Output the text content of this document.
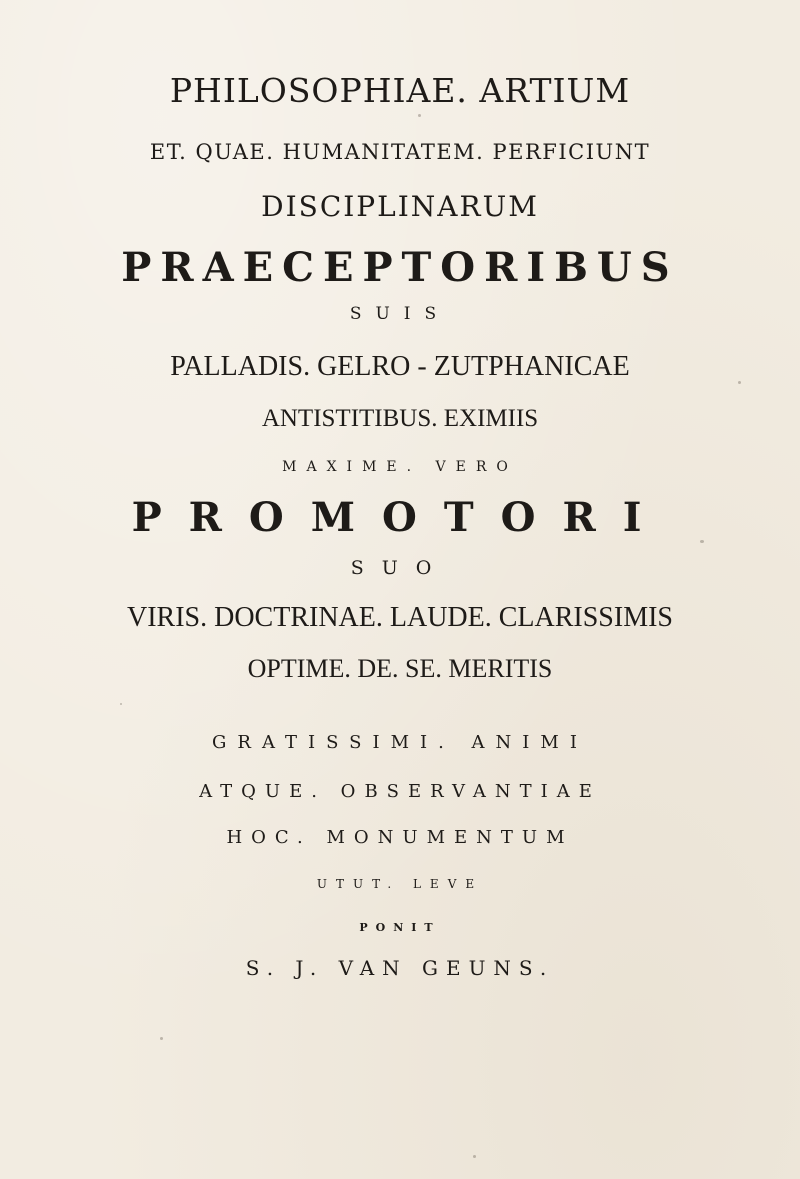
PHILOSOPHIAE. ARTIUM
ET. QUAE. HUMANITATEM. PERFICIUNT
DISCIPLINARUM
PRAECEPTORIBUS
SUIS
PALLADIS. GELRO - ZUTPHANICAE
ANTISTITIBUS. EXIMIIS
MAXIME. VERO
PROMOTORI
SUO
VIRIS. DOCTRINAE. LAUDE. CLARISSIMIS
OPTIME. DE. SE. MERITIS
GRATISSIMI. ANIMI
ATQUE. OBSERVANTIAE
HOC. MONUMENTUM
UTUT. LEVE
PONIT
S. J. VAN GEUNS.
